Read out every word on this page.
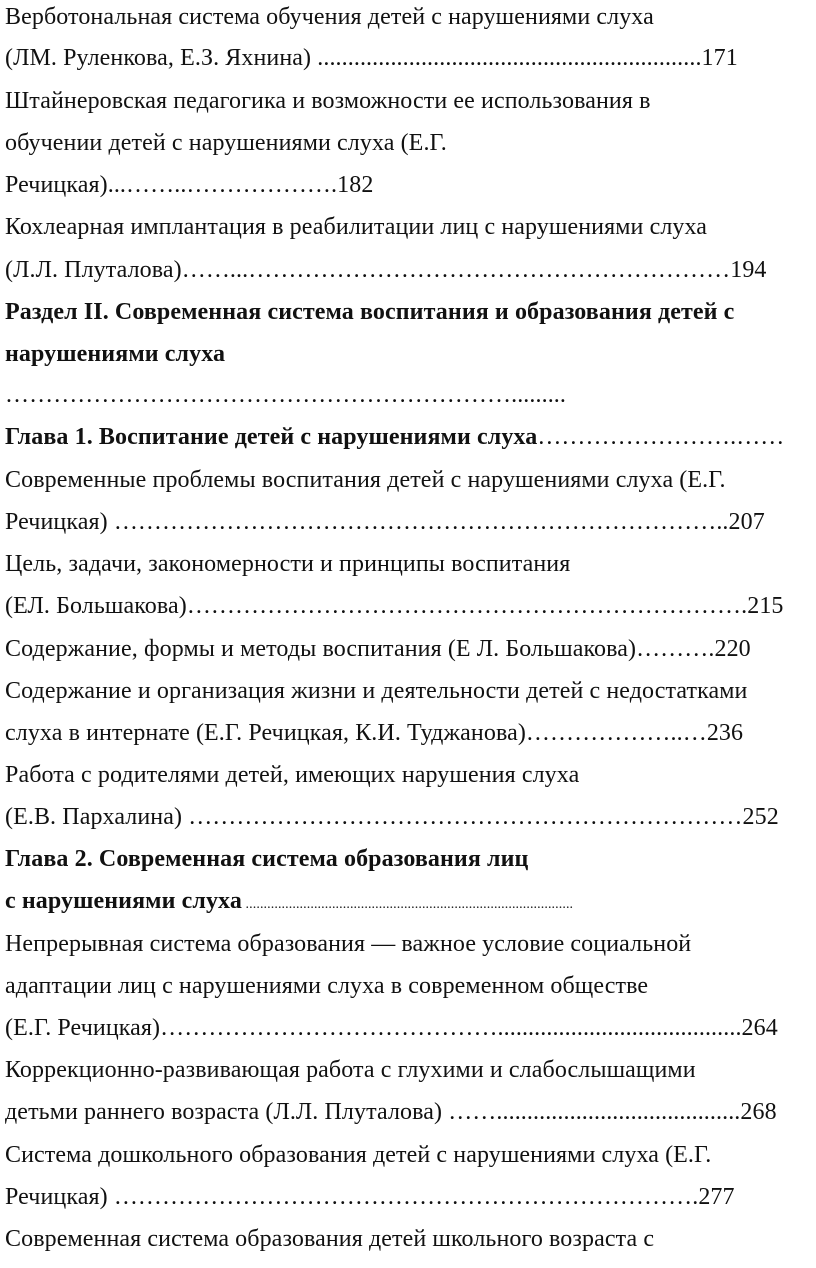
Верботональная система обучения детей с нарушениями слуха
(ЛМ. Руленкова, Е.З. Яхнина) ...............................................................171
Штайнеровская педагогика и возможности ее использования в
обучении детей с нарушениями слуха (Е.Г.
Речицкая)...……..……………….182
Кохлеарная имплантация в реабилитации лиц с нарушениями слуха
(Л.Л. Плуталова)……...……………………………………………………194
Раздел II. Современная система воспитания и образования детей с
нарушениями слуха
……………………………………………………….........
Глава 1. Воспитание детей с нарушениями слуха…………………….……
Современные проблемы воспитания детей с нарушениями слуха (Е.Г.
Речицкая) …………………………………………………………………..207
Цель, задачи, закономерности и принципы воспитания
(ЕЛ. Большакова)…………………………………………………………….215
Содержание, формы и методы воспитания (Е Л. Большакова)……….220
Содержание и организация жизни и деятельности детей с недостатками
слуха в интернате (Е.Г. Речицкая, К.И. Туджанова)………………..…236
Работа с родителями детей, имеющих нарушения слуха
(Е.В. Пархалина) ……………………………………………………………252
Глава 2. Современная система образования лиц
с нарушениями слуха ...........................................................................................
Непрерывная система образования — важное условие социальной
адаптации лиц с нарушениями слуха в современном обществе
(Е.Г. Речицкая)……………………………………........................................264
Коррекционно-развивающая работа с глухими и слабослышащими
детьми раннего возраста (Л.Л. Плуталова) ……........................................268
Система дошкольного образования детей с нарушениями слуха (Е.Г.
Речицкая) ……………………………………………………………….277
Современная система образования детей школьного возраста с
